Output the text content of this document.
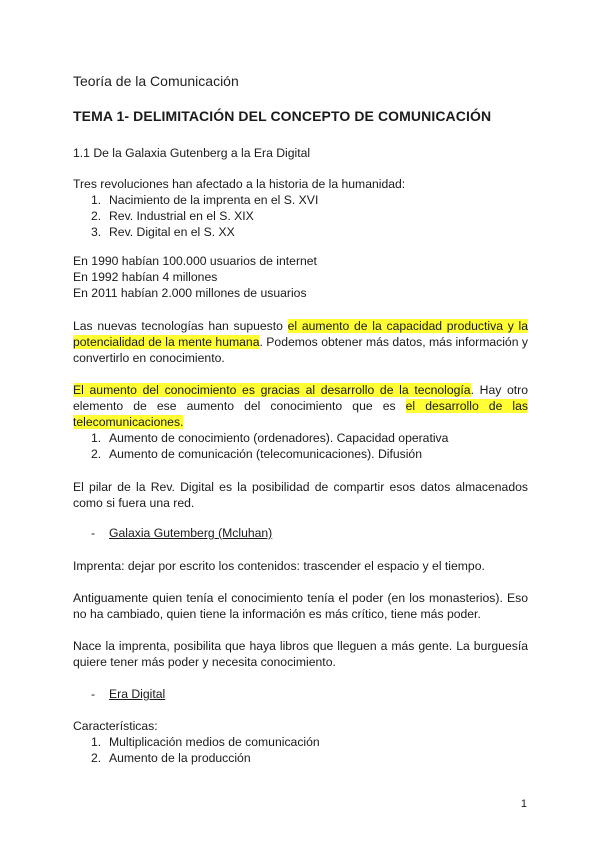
Teoría de la Comunicación
TEMA 1- DELIMITACIÓN DEL CONCEPTO DE COMUNICACIÓN
1.1 De la Galaxia Gutenberg a la Era Digital

Tres revoluciones han afectado a la historia de la humanidad:

1. Nacimiento de la imprenta en el S. XVI
2. Rev. Industrial en el S. XIX
3. Rev. Digital en el S. XX

En 1990 habían 100.000 usuarios de internet

En 1992 habían 4 millones

En 2011 habían 2.000 millones de usuarios

Las nuevas tecnologías han supuesto el aumento de la capacidad productiva y la potencialidad de la mente humana. Podemos obtener más datos, más información y convertirlo en conocimiento.

El aumento del conocimiento es gracias al desarrollo de la tecnología. Hay otro elemento de ese aumento del conocimiento que es el desarrollo de las telecomunicaciones.

1. Aumento de conocimiento (ordenadores). Capacidad operativa
2. Aumento de comunicación (telecomunicaciones). Difusión

El pilar de la Rev. Digital es la posibilidad de compartir esos datos almacenados como si fuera una red.

- Galaxia Gutemberg (Mcluhan)

Imprenta: dejar por escrito los contenidos: trascender el espacio y el tiempo.

Antiguamente quien tenía el conocimiento tenía el poder (en los monasterios). Eso no ha cambiado, quien tiene la información es más crítico, tiene más poder.

Nace la imprenta, posibilita que haya libros que lleguen a más gente. La burguesía quiere tener más poder y necesita conocimiento.

- Era Digital

Características:

1. Multiplicación medios de comunicación
2. Aumento de la producción
1
